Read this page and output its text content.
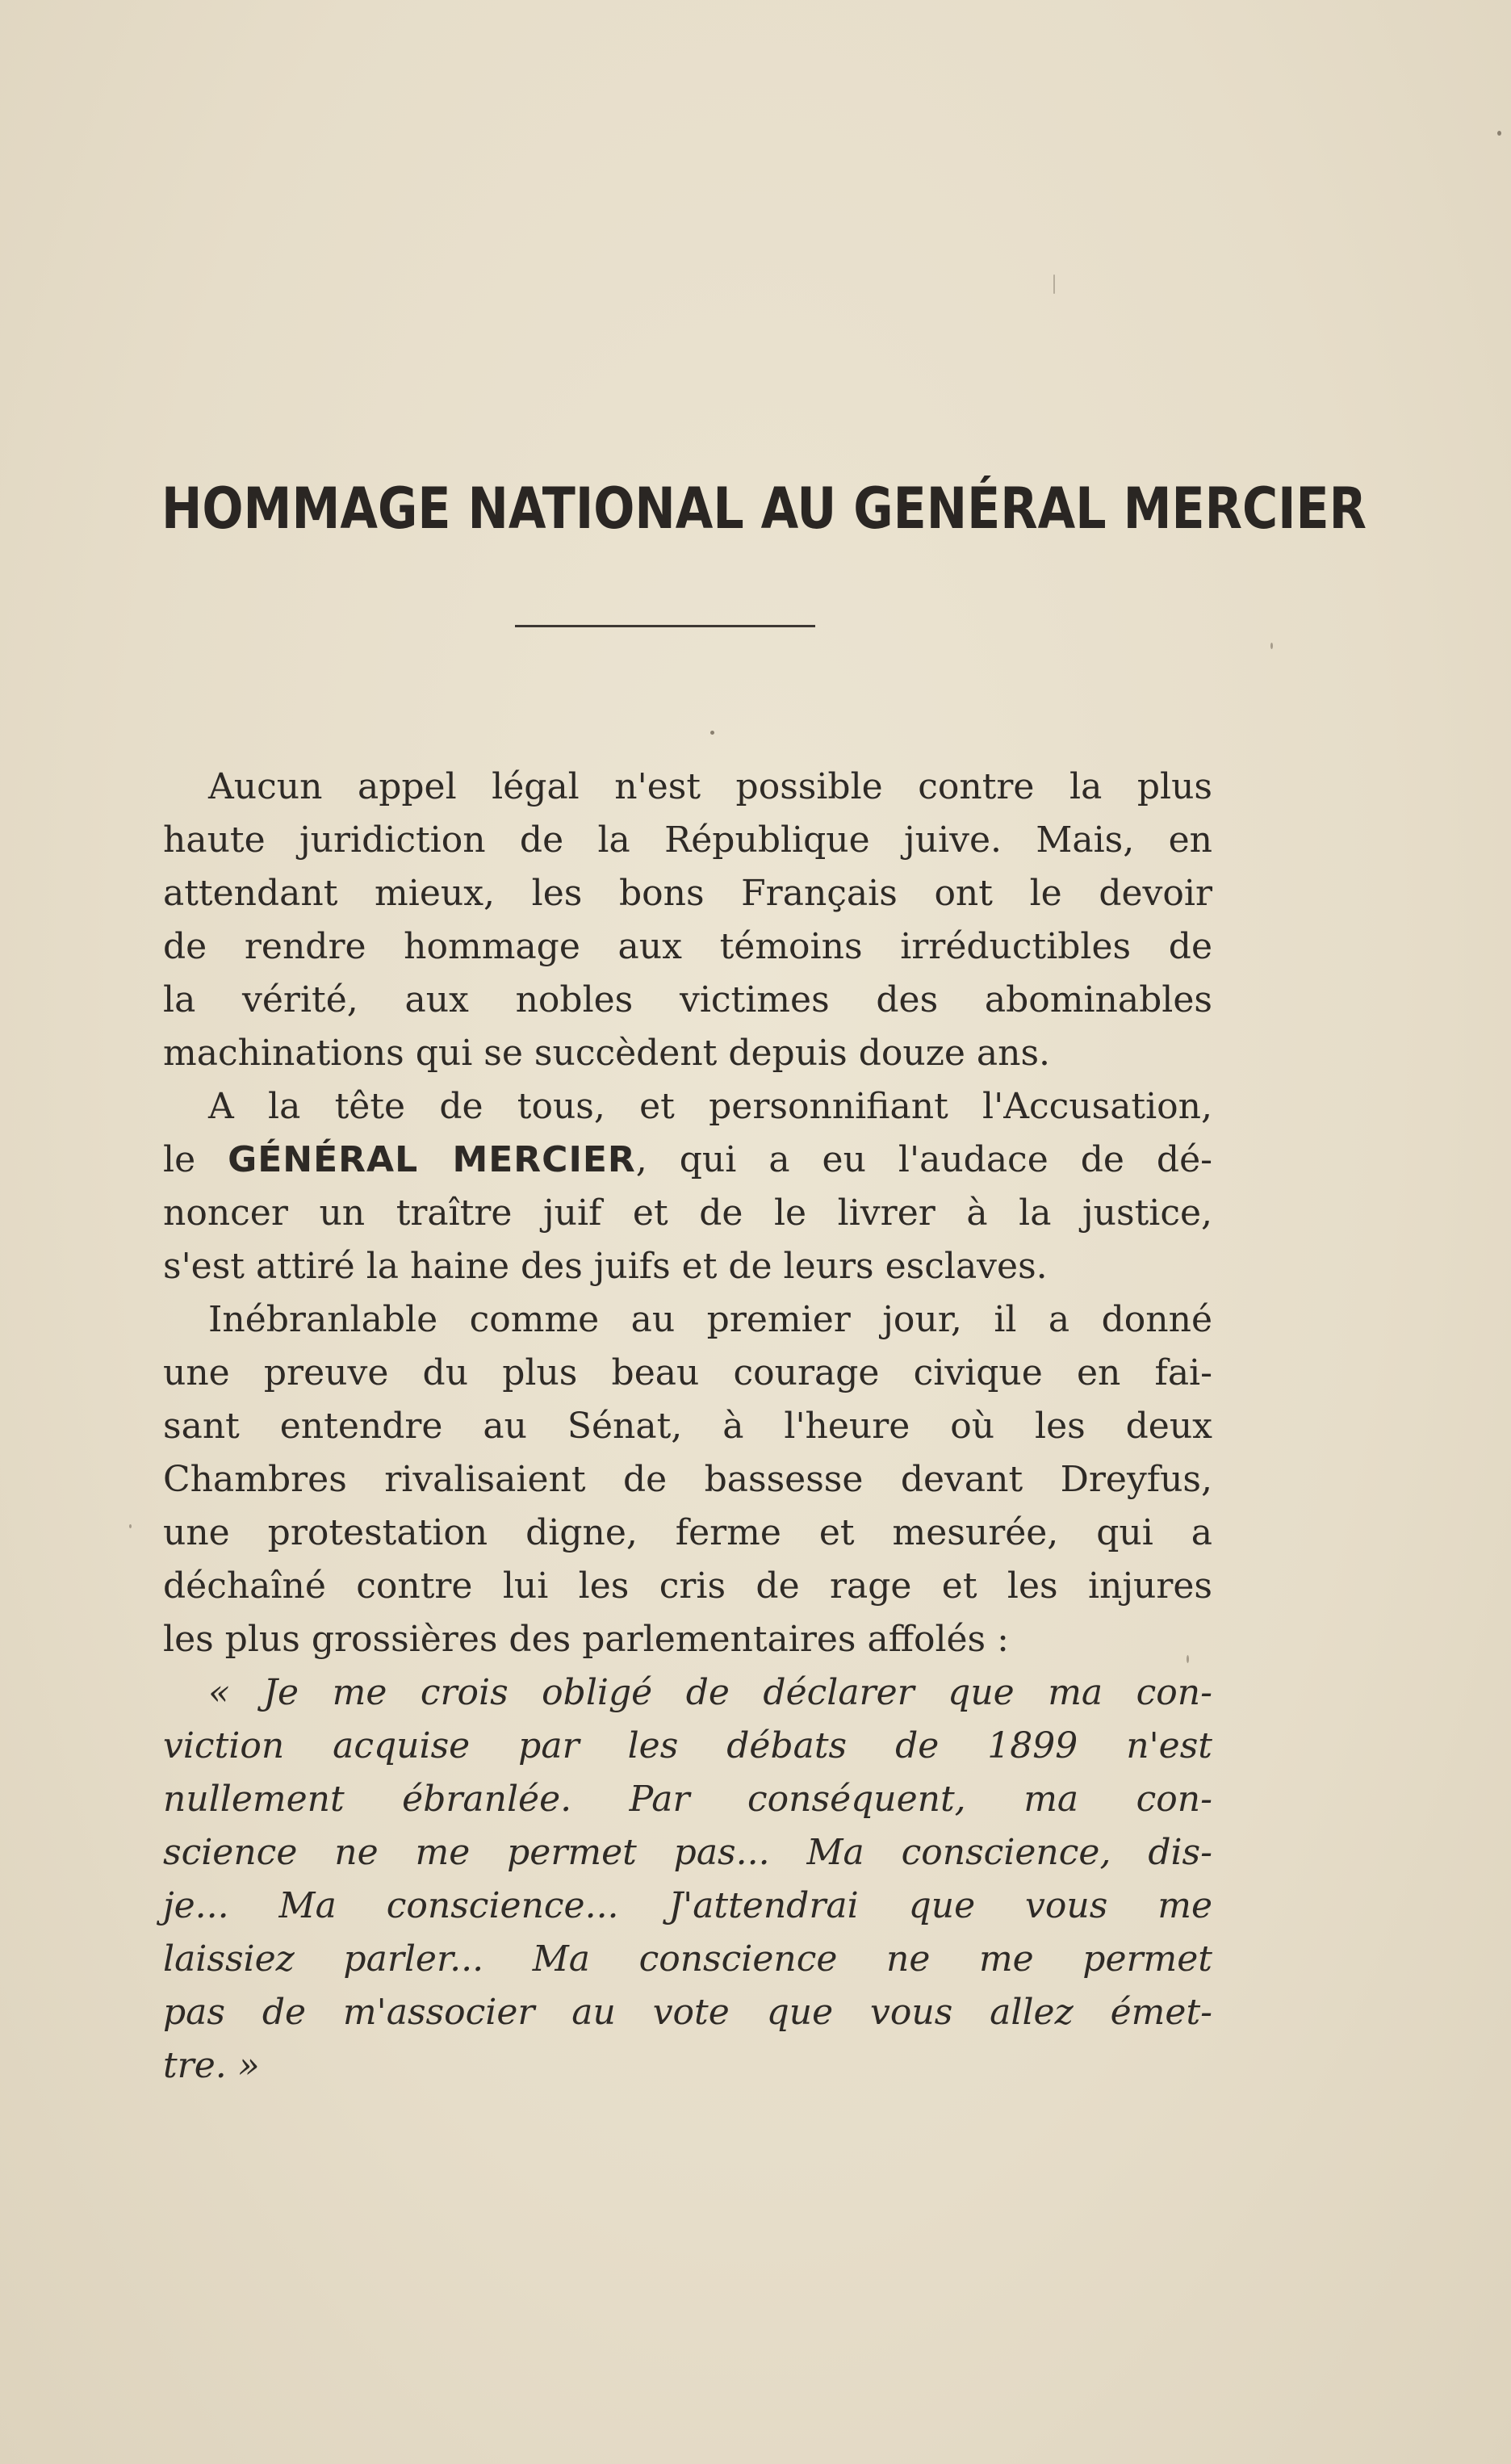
HOMMAGE NATIONAL AU GENÉRAL MERCIER
Aucun appel légal n'est possible contre la plus
haute juridiction de la République juive. Mais, en
attendant mieux, les bons Français ont le devoir
de rendre hommage aux témoins irréductibles de
la vérité, aux nobles victimes des abominables
machinations qui se succèdent depuis douze ans.
A la tête de tous, et personnifiant l'Accusation,
le GÉNÉRAL MERCIER, qui a eu l'audace de dé-
noncer un traître juif et de le livrer à la justice,
s'est attiré la haine des juifs et de leurs esclaves.
Inébranlable comme au premier jour, il a donné
une preuve du plus beau courage civique en fai-
sant entendre au Sénat, à l'heure où les deux
Chambres rivalisaient de bassesse devant Dreyfus,
une protestation digne, ferme et mesurée, qui a
déchaîné contre lui les cris de rage et les injures
les plus grossières des parlementaires affolés :
« Je me crois obligé de déclarer que ma con-
viction acquise par les débats de 1899 n'est
nullement ébranlée. Par conséquent, ma con-
science ne me permet pas... Ma conscience, dis-
je... Ma conscience... J'attendrai que vous me
laissiez parler... Ma conscience ne me permet
pas de m'associer au vote que vous allez émet-
tre. »
